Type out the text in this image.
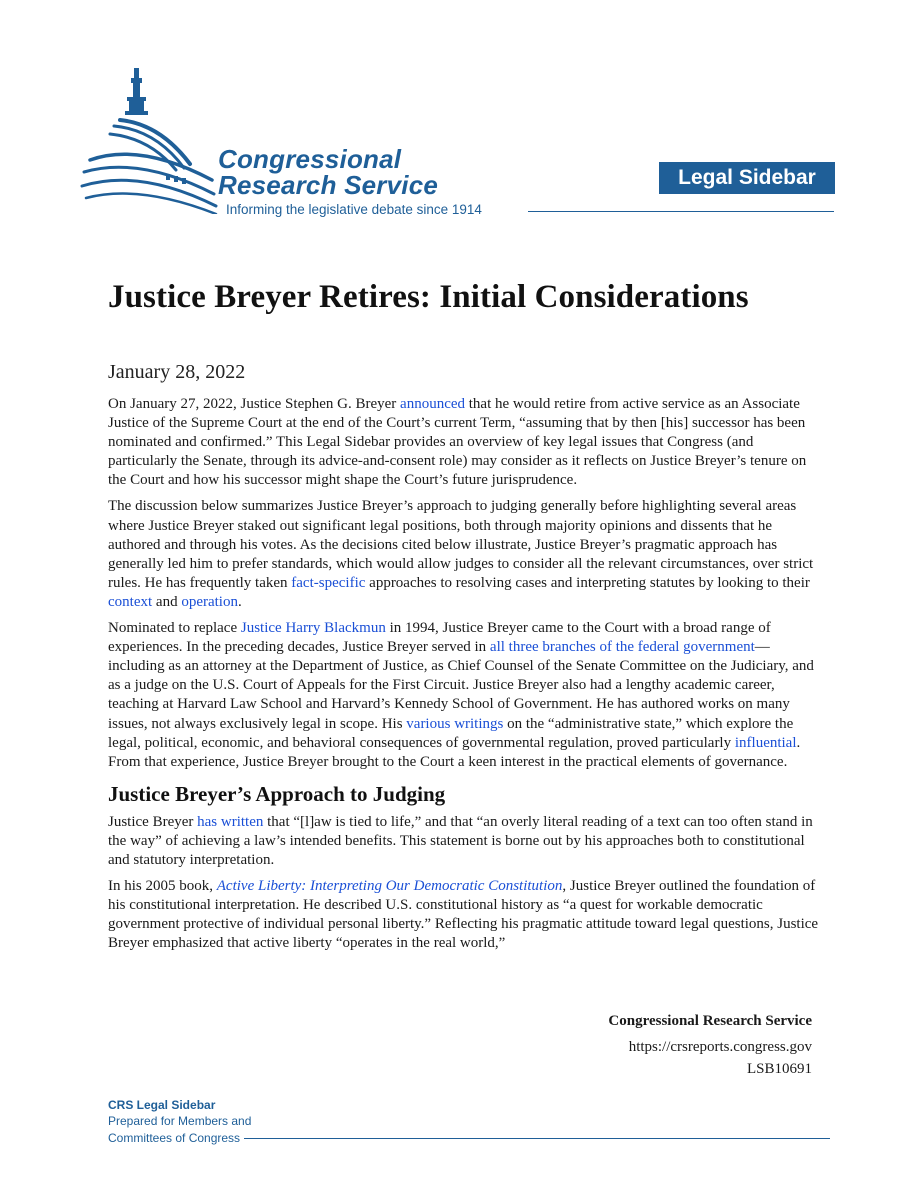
Congressional
Research Service
Informing the legislative debate since 1914
Legal Sidebar
Justice Breyer Retires: Initial Considerations
January 28, 2022

On January 27, 2022, Justice Stephen G. Breyer announced that he would retire from active service as an Associate Justice of the Supreme Court at the end of the Court’s current Term, “assuming that by then [his] successor has been nominated and confirmed.” This Legal Sidebar provides an overview of key legal issues that Congress (and particularly the Senate, through its advice-and-consent role) may consider as it reflects on Justice Breyer’s tenure on the Court and how his successor might shape the Court’s future jurisprudence.

The discussion below summarizes Justice Breyer’s approach to judging generally before highlighting several areas where Justice Breyer staked out significant legal positions, both through majority opinions and dissents that he authored and through his votes. As the decisions cited below illustrate, Justice Breyer’s pragmatic approach has generally led him to prefer standards, which would allow judges to consider all the relevant circumstances, over strict rules. He has frequently taken fact-specific approaches to resolving cases and interpreting statutes by looking to their context and operation.

Nominated to replace Justice Harry Blackmun in 1994, Justice Breyer came to the Court with a broad range of experiences. In the preceding decades, Justice Breyer served in all three branches of the federal government—including as an attorney at the Department of Justice, as Chief Counsel of the Senate Committee on the Judiciary, and as a judge on the U.S. Court of Appeals for the First Circuit. Justice Breyer also had a lengthy academic career, teaching at Harvard Law School and Harvard’s Kennedy School of Government. He has authored works on many issues, not always exclusively legal in scope. His various writings on the “administrative state,” which explore the legal, political, economic, and behavioral consequences of governmental regulation, proved particularly influential. From that experience, Justice Breyer brought to the Court a keen interest in the practical elements of governance.

Justice Breyer’s Approach to Judging

Justice Breyer has written that “[l]aw is tied to life,” and that “an overly literal reading of a text can too often stand in the way” of achieving a law’s intended benefits. This statement is borne out by his approaches both to constitutional and statutory interpretation.

In his 2005 book, Active Liberty: Interpreting Our Democratic Constitution, Justice Breyer outlined the foundation of his constitutional interpretation. He described U.S. constitutional history as “a quest for workable democratic government protective of individual personal liberty.” Reflecting his pragmatic attitude toward legal questions, Justice Breyer emphasized that active liberty “operates in the real world,”

Congressional Research Service
https://crsreports.congress.gov
LSB10691
CRS Legal Sidebar
Prepared for Members and
Committees of Congress
